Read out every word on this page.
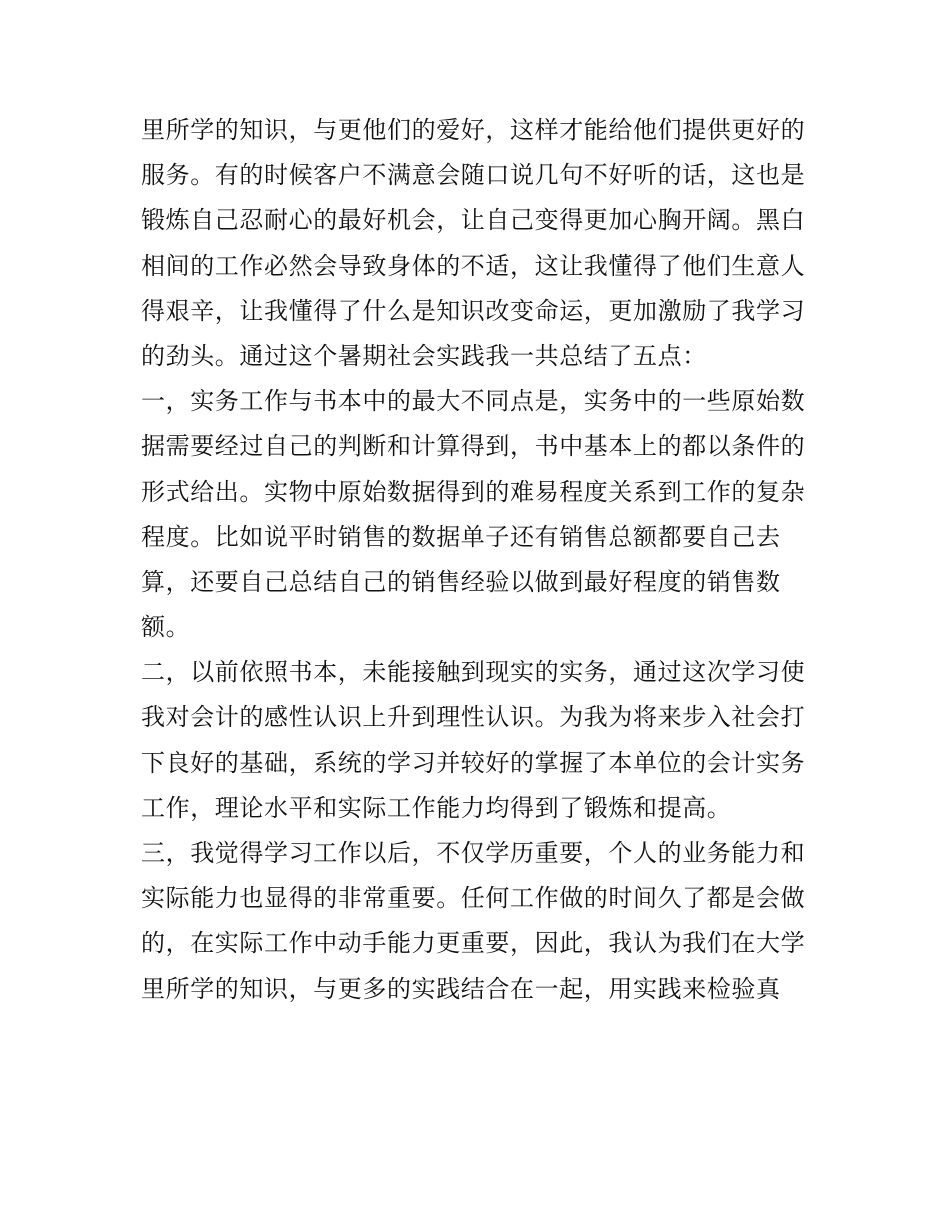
里所学的知识，与更他们的爱好，这样才能给他们提供更好的

服务。有的时候客户不满意会随口说几句不好听的话，这也是

锻炼自己忍耐心的最好机会，让自己变得更加心胸开阔。黑白

相间的工作必然会导致身体的不适，这让我懂得了他们生意人

得艰辛，让我懂得了什么是知识改变命运，更加激励了我学习

的劲头。通过这个暑期社会实践我一共总结了五点：

一，实务工作与书本中的最大不同点是，实务中的一些原始数

据需要经过自己的判断和计算得到，书中基本上的都以条件的

形式给出。实物中原始数据得到的难易程度关系到工作的复杂

程度。比如说平时销售的数据单子还有销售总额都要自己去

算，还要自己总结自己的销售经验以做到最好程度的销售数

额。

二，以前依照书本，未能接触到现实的实务，通过这次学习使

我对会计的感性认识上升到理性认识。为我为将来步入社会打

下良好的基础，系统的学习并较好的掌握了本单位的会计实务

工作，理论水平和实际工作能力均得到了锻炼和提高。

三，我觉得学习工作以后，不仅学历重要，个人的业务能力和

实际能力也显得的非常重要。任何工作做的时间久了都是会做

的，在实际工作中动手能力更重要，因此，我认为我们在大学

里所学的知识，与更多的实践结合在一起，用实践来检验真
